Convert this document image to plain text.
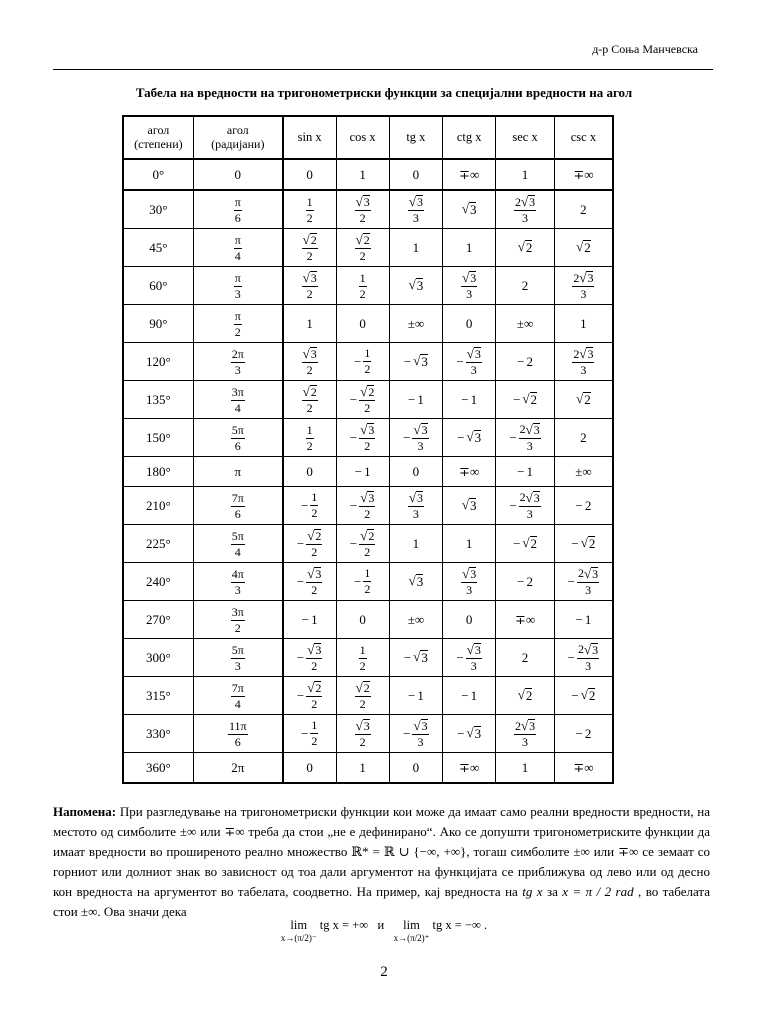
д-р Соња Манчевска
Табела на вредности на тригонометриски функции за специјални вредности на агол
агол
(степени)	агол
(радијани)	sin x	cos x	tg x	ctg x	sec x	csc x

0°	0	0	1	0	∓∞	1	∓∞

30°	$\frac{\pi}{6}$	$\frac{1}{2}$	$\frac{√ 3}{2}$	$\frac{√ 3}{3}$	√ 3	$\frac{2 √ 3}{3}$	2

45°	$\frac{\pi}{4}$	$\frac{√ 2}{2}$	$\frac{√ 2}{2}$	1	1	√ 2	√ 2

60°	$\frac{\pi}{3}$	$\frac{√ 3}{2}$	$\frac{1}{2}$	√ 3	$\frac{√ 3}{3}$	2	$\frac{2 √ 3}{3}$

90°	$\frac{\pi}{2}$	1	0	±∞	0	±∞	1

120°	$\frac{2\pi}{3}$	$\frac{√ 3}{2}$	− $\frac{1}{2}$	− √ 3	− $\frac{√ 3}{3}$	− 2	$\frac{2 √ 3}{3}$

135°	$\frac{3\pi}{4}$	$\frac{√ 2}{2}$	− $\frac{√ 2}{2}$	− 1	− 1	− √ 2	√ 2

150°	$\frac{5\pi}{6}$	$\frac{1}{2}$	− $\frac{√ 3}{2}$	− $\frac{√ 3}{3}$	− √ 3	− $\frac{2 √ 3}{3}$	2

180°	π	0	− 1	0	∓∞	− 1	±∞

210°	$\frac{7\pi}{6}$	− $\frac{1}{2}$	− $\frac{√ 3}{2}$	$\frac{√ 3}{3}$	√ 3	− $\frac{2 √ 3}{3}$	− 2

225°	$\frac{5\pi}{4}$	− $\frac{√ 2}{2}$	− $\frac{√ 2}{2}$	1	1	− √ 2	− √ 2

240°	$\frac{4\pi}{3}$	− $\frac{√ 3}{2}$	− $\frac{1}{2}$	√ 3	$\frac{√ 3}{3}$	− 2	− $\frac{2 √ 3}{3}$

270°	$\frac{3\pi}{2}$	− 1	0	±∞	0	∓∞	− 1

300°	$\frac{5\pi}{3}$	− $\frac{√ 3}{2}$	$\frac{1}{2}$	− √ 3	− $\frac{√ 3}{3}$	2	− $\frac{2 √ 3}{3}$

315°	$\frac{7\pi}{4}$	− $\frac{√ 2}{2}$	$\frac{√ 2}{2}$	− 1	− 1	√ 2	− √ 2

330°	$\frac{11\pi}{6}$	− $\frac{1}{2}$	$\frac{√ 3}{2}$	− $\frac{√ 3}{3}$	− √ 3	$\frac{2 √ 3}{3}$	− 2

360°	2π	0	1	0	∓∞	1	∓∞
Напомена: При разгледување на тригонометриски функции кои може да имаат само реални вредности вредности, на местото од симболите ±∞ или ∓∞ треба да стои „не е дефинирано“. Ако се допушти тригонометриските функции да имаат вредности во проширеното реално множество ℝ* = ℝ ∪ {−∞, +∞}, тогаш симболите ±∞ или ∓∞ се земаат со горниот или долниот знак во зависност од тоа дали аргументот на функцијата се приближува од лево или од десно кон вредноста на аргументот во табелата, соодветно. На пример, кај вредноста на tg x за x = π / 2 rad , во табелата стои ±∞. Ова значи дека
lim
x→(π/2)⁻
tg x = +∞ и lim
x→(π/2)⁺
tg x = −∞ .
2
